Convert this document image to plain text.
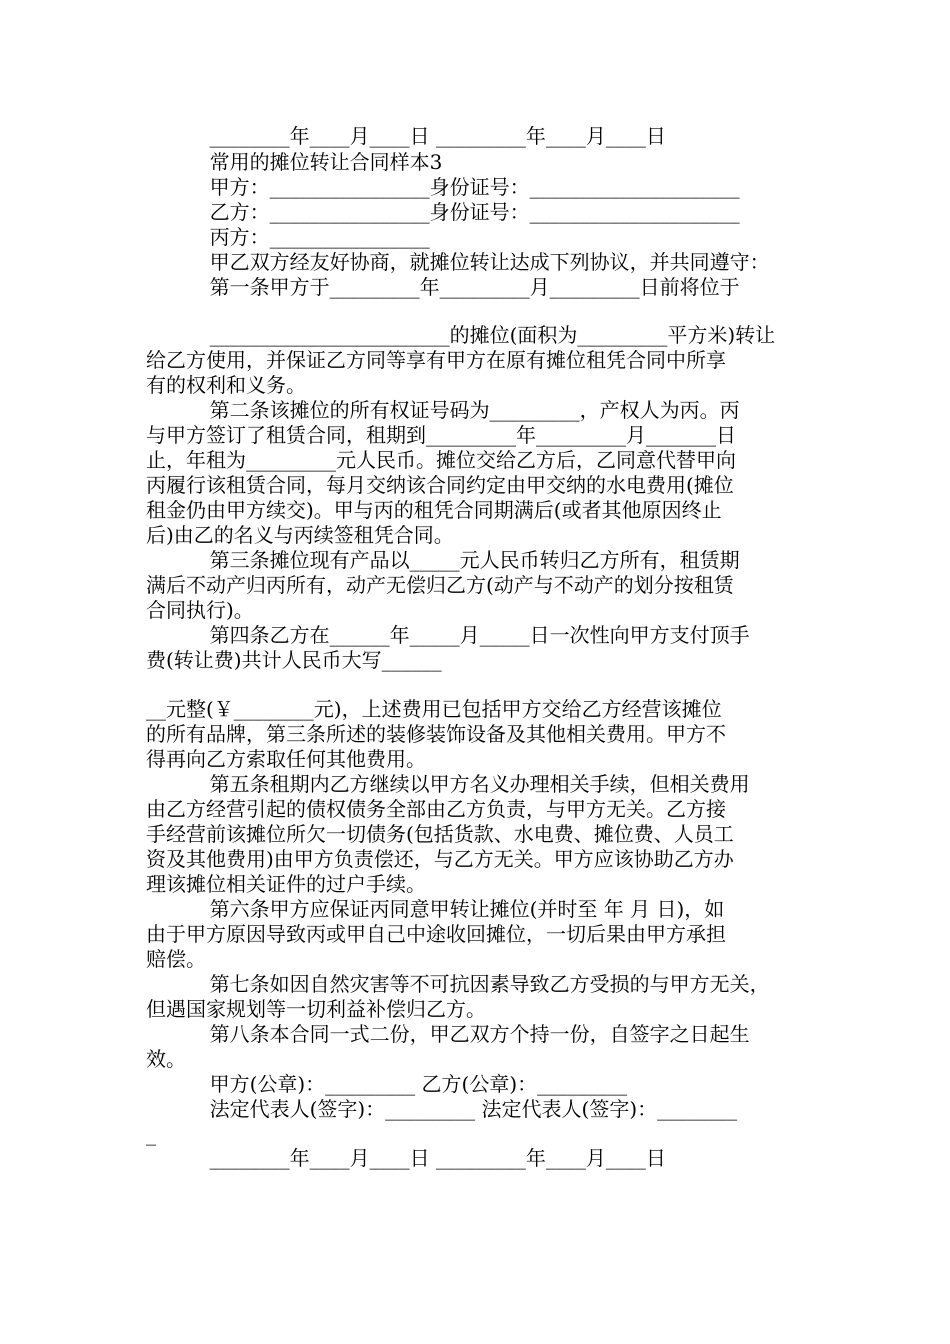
________年____月____日 _________年____月____日
常用的摊位转让合同样本3
甲方：________________身份证号：_____________________
乙方：________________身份证号：_____________________
丙方：________________
甲乙双方经友好协商，就摊位转让达成下列协议，并共同遵守：
第一条甲方于_________年_________月_________日前将位于
________________________的摊位(面积为_________平方米)转让
给乙方使用，并保证乙方同等享有甲方在原有摊位租凭合同中所享
有的权利和义务。
第二条该摊位的所有权证号码为_________，产权人为丙。丙
与甲方签订了租赁合同，租期到_________年_________月_______日
止，年租为_________元人民币。摊位交给乙方后，乙同意代替甲向
丙履行该租赁合同，每月交纳该合同约定由甲交纳的水电费用(摊位
租金仍由甲方续交)。甲与丙的租凭合同期满后(或者其他原因终止
后)由乙的名义与丙续签租凭合同。
第三条摊位现有产品以_____元人民币转归乙方所有，租赁期
满后不动产归丙所有，动产无偿归乙方(动产与不动产的划分按租赁
合同执行)。
第四条乙方在______年_____月_____日一次性向甲方支付顶手
费(转让费)共计人民币大写______
__元整(￥________元)，上述费用已包括甲方交给乙方经营该摊位
的所有品牌，第三条所述的装修装饰设备及其他相关费用。甲方不
得再向乙方索取任何其他费用。
第五条租期内乙方继续以甲方名义办理相关手续，但相关费用
由乙方经营引起的债权债务全部由乙方负责，与甲方无关。乙方接
手经营前该摊位所欠一切债务(包括货款、水电费、摊位费、人员工
资及其他费用)由甲方负责偿还，与乙方无关。甲方应该协助乙方办
理该摊位相关证件的过户手续。
第六条甲方应保证丙同意甲转让摊位(并时至 年 月 日)，如
由于甲方原因导致丙或甲自己中途收回摊位，一切后果由甲方承担
赔偿。
第七条如因自然灾害等不可抗因素导致乙方受损的与甲方无关，
但遇国家规划等一切利益补偿归乙方。
第八条本合同一式二份，甲乙双方个持一份，自签字之日起生
效。
甲方(公章)：_________ 乙方(公章)：_________
法定代表人(签字)：_________ 法定代表人(签字)：________
_
________年____月____日 _________年____月____日
